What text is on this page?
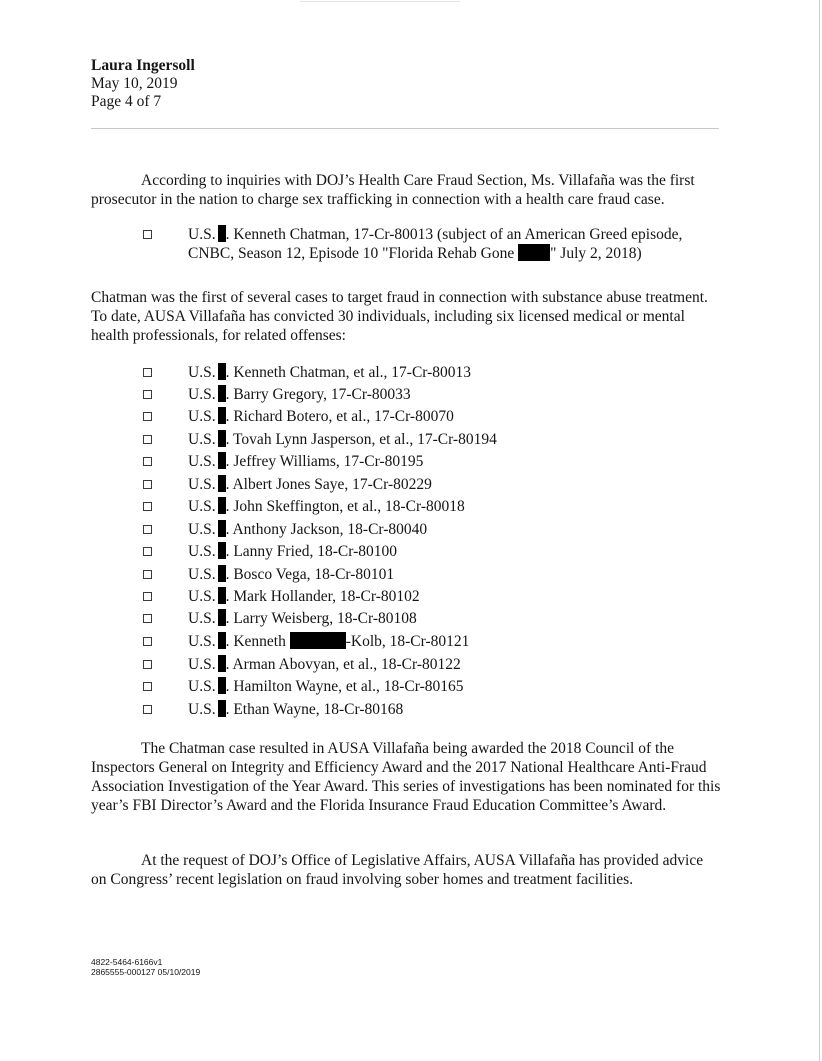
Laura Ingersoll
May 10, 2019
Page 4 of 7

According to inquiries with DOJ’s Health Care Fraud Section, Ms. Villafaña was the first prosecutor in the nation to charge sex trafficking in connection with a health care fraud case.

U.S. . Kenneth Chatman, 17-Cr-80013 (subject of an American Greed episode,
CNBC, Season 12, Episode 10 "Florida Rehab Gone " July 2, 2018)

Chatman was the first of several cases to target fraud in connection with substance abuse treatment. To date, AUSA Villafaña has convicted 30 individuals, including six licensed medical or mental health professionals, for related offenses:

U.S. . Kenneth Chatman, et al., 17-Cr-80013
U.S. . Barry Gregory, 17-Cr-80033
U.S. . Richard Botero, et al., 17-Cr-80070
U.S. . Tovah Lynn Jasperson, et al., 17-Cr-80194
U.S. . Jeffrey Williams, 17-Cr-80195
U.S. . Albert Jones Saye, 17-Cr-80229
U.S. . John Skeffington, et al., 18-Cr-80018
U.S. . Anthony Jackson, 18-Cr-80040
U.S. . Lanny Fried, 18-Cr-80100
U.S. . Bosco Vega, 18-Cr-80101
U.S. . Mark Hollander, 18-Cr-80102
U.S. . Larry Weisberg, 18-Cr-80108
U.S. . Kenneth	-Kolb, 18-Cr-80121
U.S. . Arman Abovyan, et al., 18-Cr-80122
U.S. . Hamilton Wayne, et al., 18-Cr-80165
U.S. . Ethan Wayne, 18-Cr-80168

The Chatman case resulted in AUSA Villafaña being awarded the 2018 Council of the Inspectors General on Integrity and Efficiency Award and the 2017 National Healthcare Anti-Fraud Association Investigation of the Year Award. This series of investigations has been nominated for this year’s FBI Director’s Award and the Florida Insurance Fraud Education Committee’s Award.

At the request of DOJ’s Office of Legislative Affairs, AUSA Villafaña has provided advice on Congress’ recent legislation on fraud involving sober homes and treatment facilities.

4822-5464-6166v1
2865555-000127 05/10/2019
